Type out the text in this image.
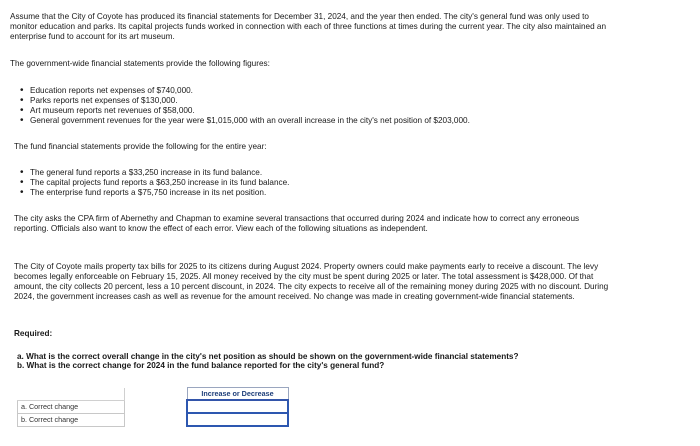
Assume that the City of Coyote has produced its financial statements for December 31, 2024, and the year then ended. The city's general fund was only used to monitor education and parks. Its capital projects funds worked in connection with each of three functions at times during the current year. The city also maintained an enterprise fund to account for its art museum.

The government-wide financial statements provide the following figures:

• Education reports net expenses of $740,000.
• Parks reports net expenses of $130,000.
• Art museum reports net revenues of $58,000.
• General government revenues for the year were $1,015,000 with an overall increase in the city's net position of $203,000.

The fund financial statements provide the following for the entire year:

• The general fund reports a $33,250 increase in its fund balance.
• The capital projects fund reports a $63,250 increase in its fund balance.
• The enterprise fund reports a $75,750 increase in its net position.

The city asks the CPA firm of Abernethy and Chapman to examine several transactions that occurred during 2024 and indicate how to correct any erroneous reporting. Officials also want to know the effect of each error. View each of the following situations as independent.

The City of Coyote mails property tax bills for 2025 to its citizens during August 2024. Property owners could make payments early to receive a discount. The levy becomes legally enforceable on February 15, 2025. All money received by the city must be spent during 2025 or later. The total assessment is $428,000. Of that amount, the city collects 20 percent, less a 10 percent discount, in 2024. The city expects to receive all of the remaining money during 2025 with no discount. During 2024, the government increases cash as well as revenue for the amount received. No change was made in creating government-wide financial statements.

Required:

a. What is the correct overall change in the city's net position as should be shown on the government-wide financial statements?

b. What is the correct change for 2024 in the fund balance reported for the city's general fund?

		Increase or Decrease
a. Correct change		

b. Correct change		
